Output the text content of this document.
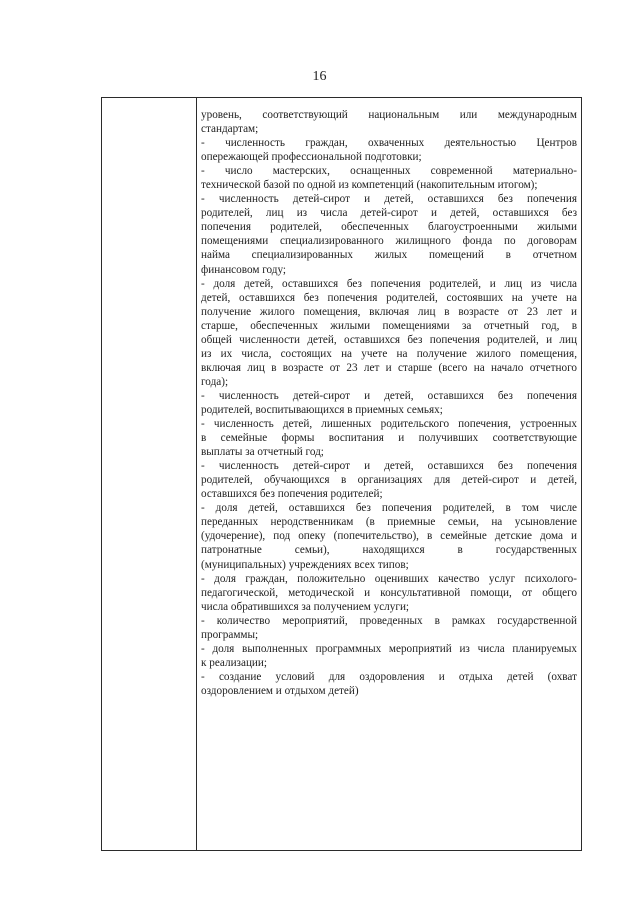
16
уровень, соответствующий национальным или международным
стандартам;
- численность граждан, охваченных деятельностью Центров
опережающей профессиональной подготовки;
- число мастерских, оснащенных современной материально-
технической базой по одной из компетенций (накопительным итогом);
- численность детей-сирот и детей, оставшихся без попечения
родителей, лиц из числа детей-сирот и детей, оставшихся без
попечения родителей, обеспеченных благоустроенными жилыми
помещениями специализированного жилищного фонда по договорам
найма специализированных жилых помещений в отчетном
финансовом году;
- доля детей, оставшихся без попечения родителей, и лиц из числа
детей, оставшихся без попечения родителей, состоявших на учете на
получение жилого помещения, включая лиц в возрасте от 23 лет и
старше, обеспеченных жилыми помещениями за отчетный год, в
общей численности детей, оставшихся без попечения родителей, и лиц
из их числа, состоящих на учете на получение жилого помещения,
включая лиц в возрасте от 23 лет и старше (всего на начало отчетного
года);
- численность детей-сирот и детей, оставшихся без попечения
родителей, воспитывающихся в приемных семьях;
- численность детей, лишенных родительского попечения, устроенных
в семейные формы воспитания и получивших соответствующие
выплаты за отчетный год;
- численность детей-сирот и детей, оставшихся без попечения
родителей, обучающихся в организациях для детей-сирот и детей,
оставшихся без попечения родителей;
- доля детей, оставшихся без попечения родителей, в том числе
переданных неродственникам (в приемные семьи, на усыновление
(удочерение), под опеку (попечительство), в семейные детские дома и
патронатные семьи), находящихся в государственных
(муниципальных) учреждениях всех типов;
- доля граждан, положительно оценивших качество услуг психолого-
педагогической, методической и консультативной помощи, от общего
числа обратившихся за получением услуги;
- количество мероприятий, проведенных в рамках государственной
программы;
- доля выполненных программных мероприятий из числа планируемых
к реализации;
- создание условий для оздоровления и отдыха детей (охват
оздоровлением и отдыхом детей)
